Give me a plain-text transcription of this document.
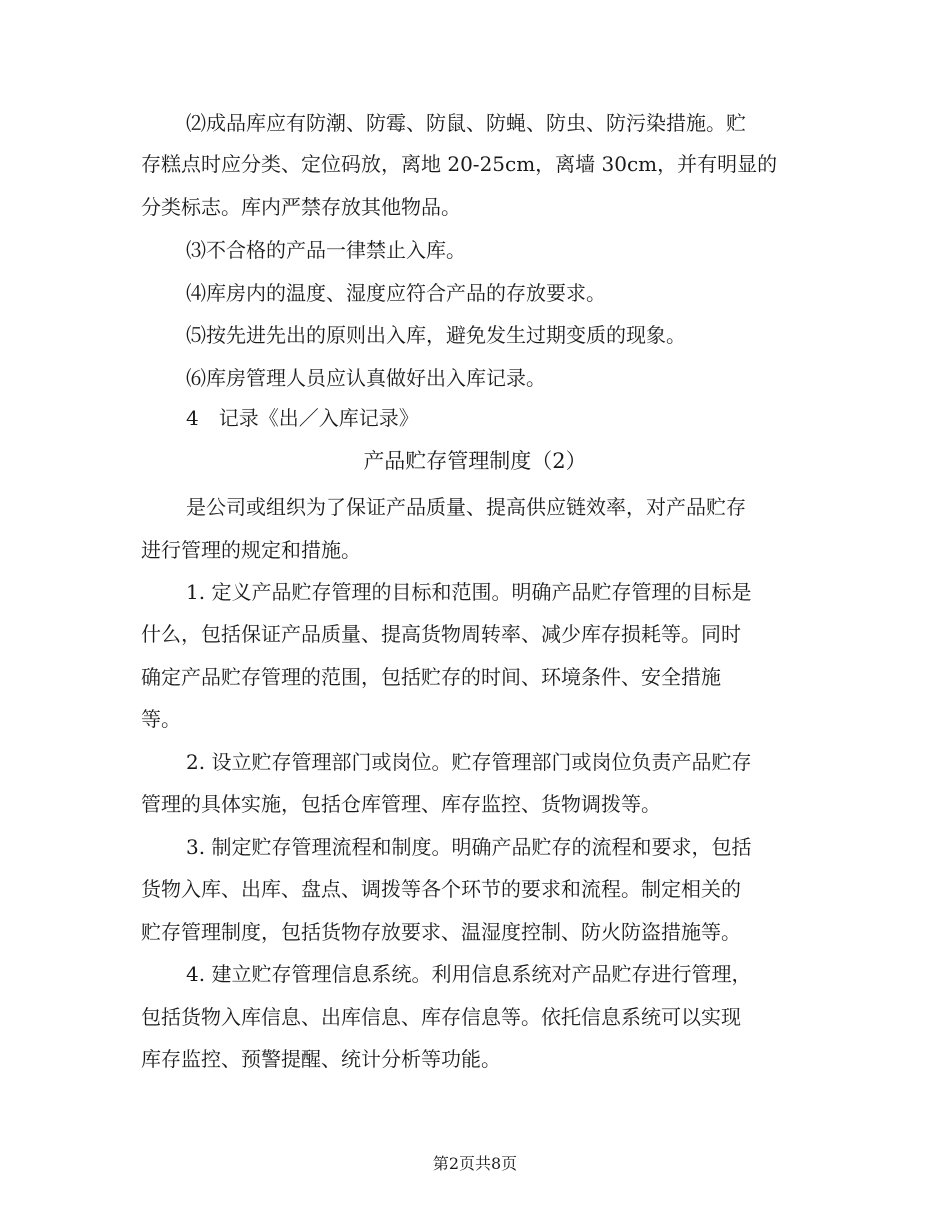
⑵成品库应有防潮、防霉、防鼠、防蝇、防虫、防污染措施。贮
存糕点时应分类、定位码放，离地 20-25cm，离墙 30cm，并有明显的
分类标志。库内严禁存放其他物品。
⑶不合格的产品一律禁止入库。
⑷库房内的温度、湿度应符合产品的存放要求。
⑸按先进先出的原则出入库，避免发生过期变质的现象。
⑹库房管理人员应认真做好出入库记录。
4　记录《出／入库记录》
产品贮存管理制度（2）
是公司或组织为了保证产品质量、提高供应链效率，对产品贮存
进行管理的规定和措施。
1. 定义产品贮存管理的目标和范围。明确产品贮存管理的目标是
什么，包括保证产品质量、提高货物周转率、减少库存损耗等。同时
确定产品贮存管理的范围，包括贮存的时间、环境条件、安全措施
等。
2. 设立贮存管理部门或岗位。贮存管理部门或岗位负责产品贮存
管理的具体实施，包括仓库管理、库存监控、货物调拨等。
3. 制定贮存管理流程和制度。明确产品贮存的流程和要求，包括
货物入库、出库、盘点、调拨等各个环节的要求和流程。制定相关的
贮存管理制度，包括货物存放要求、温湿度控制、防火防盗措施等。
4. 建立贮存管理信息系统。利用信息系统对产品贮存进行管理，
包括货物入库信息、出库信息、库存信息等。依托信息系统可以实现
库存监控、预警提醒、统计分析等功能。
第2页共8页
